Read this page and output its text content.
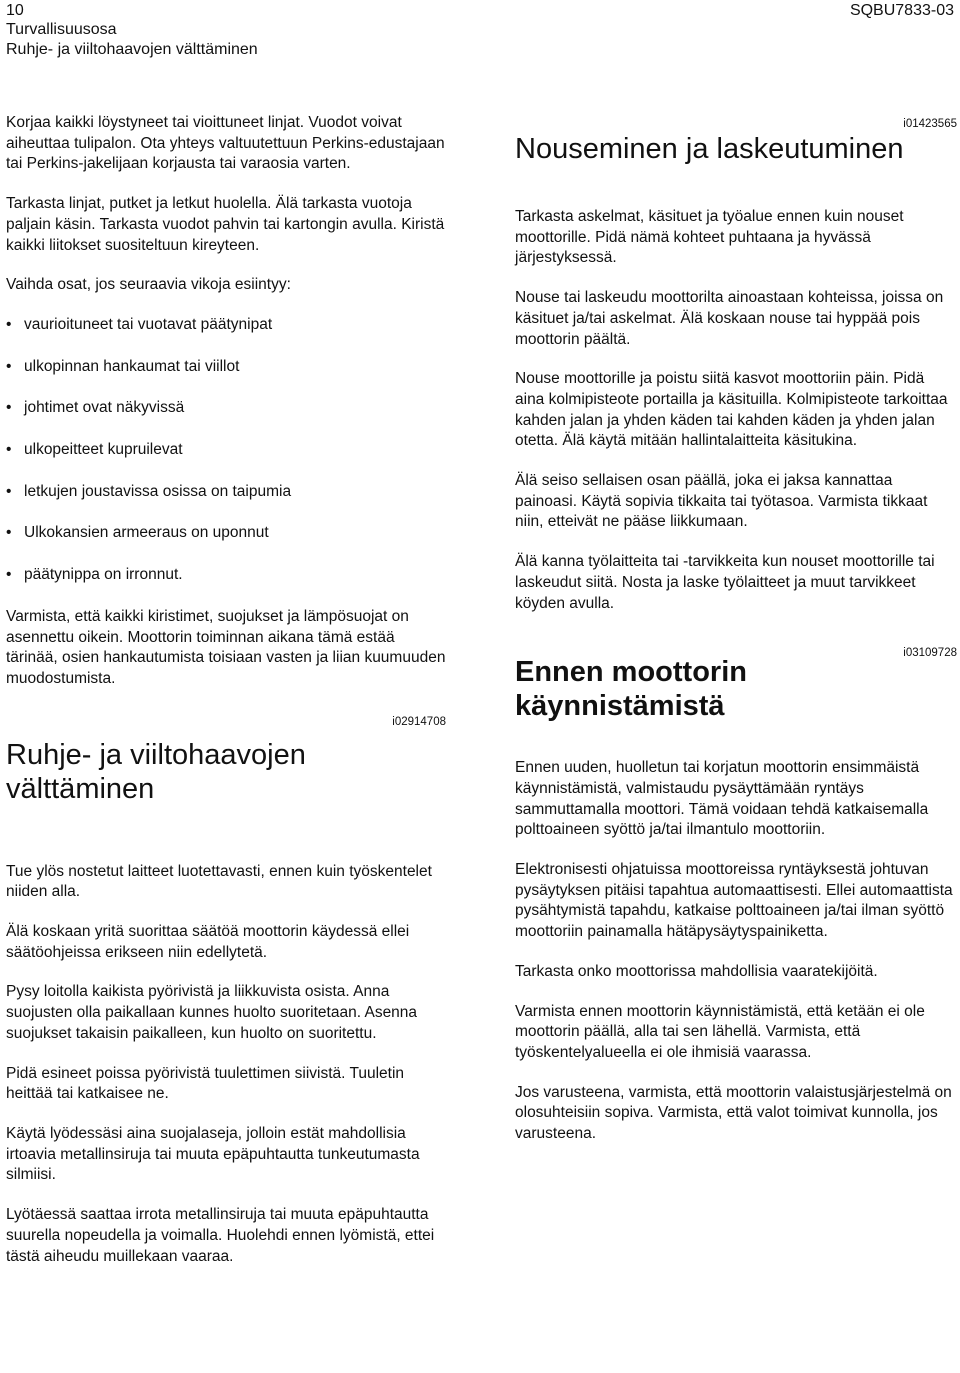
10
Turvallisuusosa
Ruhje- ja viiltohaavojen välttäminen
SQBU7833-03

Korjaa kaikki löystyneet tai vioittuneet linjat. Vuodot voivat aiheuttaa tulipalon. Ota yhteys valtuutettuun Perkins-edustajaan tai Perkins-jakelijaan korjausta tai varaosia varten.

Tarkasta linjat, putket ja letkut huolella. Älä tarkasta vuotoja paljain käsin. Tarkasta vuodot pahvin tai kartongin avulla. Kiristä kaikki liitokset suositeltuun kireyteen.

Vaihda osat, jos seuraavia vikoja esiintyy:

• vaurioituneet tai vuotavat päätynipat
• ulkopinnan hankaumat tai viillot
• johtimet ovat näkyvissä
• ulkopeitteet kupruilevat
• letkujen joustavissa osissa on taipumia
• Ulkokansien armeeraus on uponnut
• päätynippa on irronnut.

Varmista, että kaikki kiristimet, suojukset ja lämpösuojat on asennettu oikein. Moottorin toiminnan aikana tämä estää tärinää, osien hankautumista toisiaan vasten ja liian kuumuuden muodostumista.

i02914708
Ruhje- ja viiltohaavojen välttäminen

Tue ylös nostetut laitteet luotettavasti, ennen kuin työskentelet niiden alla.

Älä koskaan yritä suorittaa säätöä moottorin käydessä ellei säätöohjeissa erikseen niin edellytetä.

Pysy loitolla kaikista pyörivistä ja liikkuvista osista. Anna suojusten olla paikallaan kunnes huolto suoritetaan. Asenna suojukset takaisin paikalleen, kun huolto on suoritettu.

Pidä esineet poissa pyörivistä tuulettimen siivistä. Tuuletin heittää tai katkaisee ne.

Käytä lyödessäsi aina suojalaseja, jolloin estät mahdollisia irtoavia metallinsiruja tai muuta epäpuhtautta tunkeutumasta silmiisi.

Lyötäessä saattaa irrota metallinsiruja tai muuta epäpuhtautta suurella nopeudella ja voimalla. Huolehdi ennen lyömistä, ettei tästä aiheudu muillekaan vaaraa.

i01423565
Nouseminen ja laskeutuminen

Tarkasta askelmat, käsituet ja työalue ennen kuin nouset moottorille. Pidä nämä kohteet puhtaana ja hyvässä järjestyksessä.

Nouse tai laskeudu moottorilta ainoastaan kohteissa, joissa on käsituet ja/tai askelmat. Älä koskaan nouse tai hyppää pois moottorin päältä.

Nouse moottorille ja poistu siitä kasvot moottoriin päin. Pidä aina kolmipisteote portailla ja käsituilla. Kolmipisteote tarkoittaa kahden jalan ja yhden käden tai kahden käden ja yhden jalan otetta. Älä käytä mitään hallintalaitteita käsitukina.

Älä seiso sellaisen osan päällä, joka ei jaksa kannattaa painoasi. Käytä sopivia tikkaita tai työtasoa. Varmista tikkaat niin, etteivät ne pääse liikkumaan.

Älä kanna työlaitteita tai -tarvikkeita kun nouset moottorille tai laskeudut siitä. Nosta ja laske työlaitteet ja muut tarvikkeet köyden avulla.

i03109728
Ennen moottorin käynnistämistä

Ennen uuden, huolletun tai korjatun moottorin ensimmäistä käynnistämistä, valmistaudu pysäyttämään ryntäys sammuttamalla moottori. Tämä voidaan tehdä katkaisemalla polttoaineen syöttö ja/tai ilmantulo moottoriin.

Elektronisesti ohjatuissa moottoreissa ryntäyksestä johtuvan pysäytyksen pitäisi tapahtua automaattisesti. Ellei automaattista pysähtymistä tapahdu, katkaise polttoaineen ja/tai ilman syöttö moottoriin painamalla hätäpysäytyspainiketta.

Tarkasta onko moottorissa mahdollisia vaaratekijöitä.

Varmista ennen moottorin käynnistämistä, että ketään ei ole moottorin päällä, alla tai sen lähellä. Varmista, että työskentelyalueella ei ole ihmisiä vaarassa.

Jos varusteena, varmista, että moottorin valaistusjärjestelmä on olosuhteisiin sopiva. Varmista, että valot toimivat kunnolla, jos varusteena.
